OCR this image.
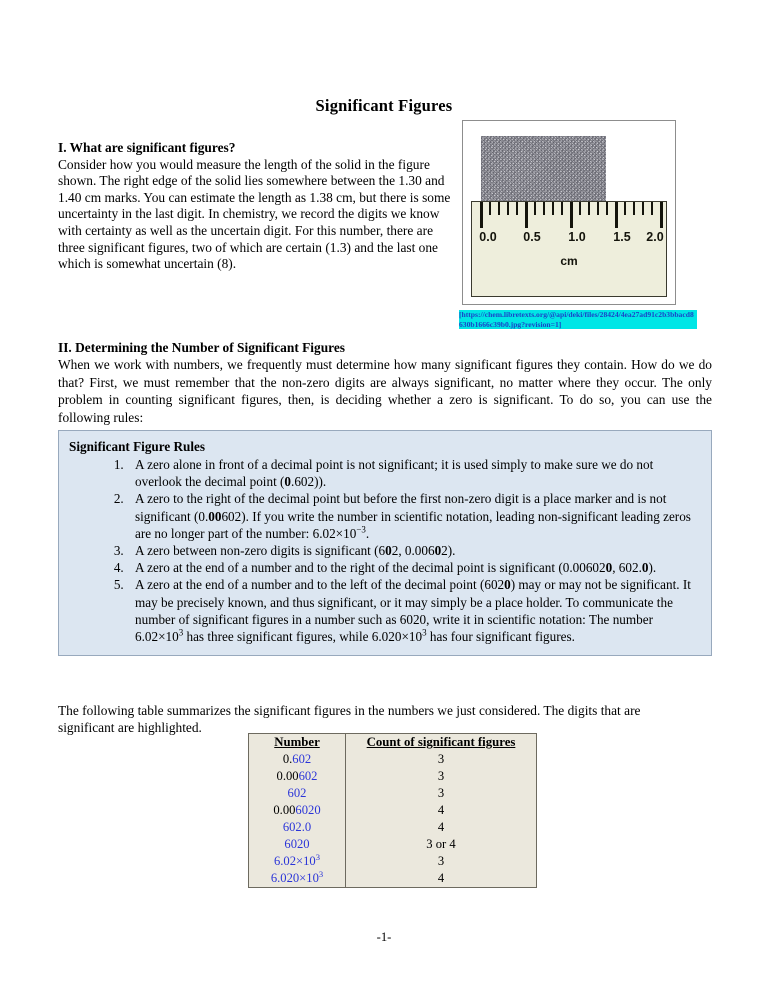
Significant Figures
I. What are significant figures?
Consider how you would measure the length of the solid in the figure shown. The right edge of the solid lies somewhere between the 1.30 and 1.40 cm marks. You can estimate the length as 1.38 cm, but there is some uncertainty in the last digit. In chemistry, we record the digits we know with certainty as well as the uncertain digit. For this number, there are three significant figures, two of which are certain (1.3) and the last one which is somewhat uncertain (8).
0.0 0.5 1.0 1.5 2.0
cm
[https://chem.libretexts.org/@api/deki/files/28424/4ea27ad91c2b3bbacd8630b1666c39b0.jpg?revision=1]
II. Determining the Number of Significant Figures
When we work with numbers, we frequently must determine how many significant figures they contain. How do we do that? First, we must remember that the non-zero digits are always significant, no matter where they occur. The only problem in counting significant figures, then, is deciding whether a zero is significant. To do so, you can use the following rules:
Significant Figure Rules
1. A zero alone in front of a decimal point is not significant; it is used simply to make sure we do not overlook the decimal point (0.602)).
2. A zero to the right of the decimal point but before the first non-zero digit is a place marker and is not significant (0.00602). If you write the number in scientific notation, leading non-significant leading zeros are no longer part of the number: $6.02\times 10^{-3}$.
3. A zero between non-zero digits is significant (602, 0.00602).
4. A zero at the end of a number and to the right of the decimal point is significant (0.006020, 602.0).
5. A zero at the end of a number and to the left of the decimal point (6020) may or may not be significant. It may be precisely known, and thus significant, or it may simply be a place holder. To communicate the number of significant figures in a number such as 6020, write it in scientific notation: The number $6.02\times 10^3$ has three significant figures, while $6.020\times 10^3$ has four significant figures.
The following table summarizes the significant figures in the numbers we just considered. The digits that are significant are highlighted.
Number	Count of significant figures
0.602	3
0.00602	3
602	3
0.006020	4
602.0	4
6020	3 or 4
$6.02\times 10^3$	3
$6.020\times 10^3$	4
-1-
